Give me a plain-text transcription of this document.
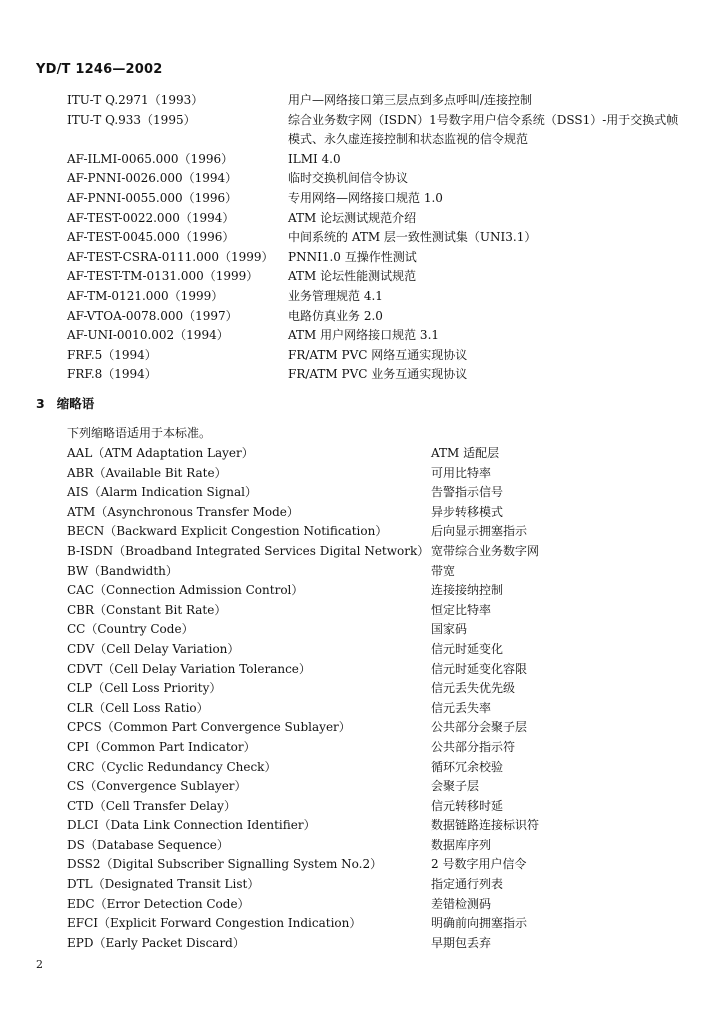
YD/T 1246—2002
ITU-T Q.2971（1993）	用户—网络接口第三层点到多点呼叫/连接控制
ITU-T Q.933（1995）	综合业务数字网（ISDN）1号数字用户信令系统（DSS1）-用于交换式帧模式、永久虚连接控制和状态监视的信令规范
AF-ILMI-0065.000（1996）	ILMI 4.0
AF-PNNI-0026.000（1994）	临时交换机间信令协议
AF-PNNI-0055.000（1996）	专用网络—网络接口规范 1.0
AF-TEST-0022.000（1994）	ATM 论坛测试规范介绍
AF-TEST-0045.000（1996）	中间系统的 ATM 层一致性测试集（UNI3.1）
AF-TEST-CSRA-0111.000（1999） PNNI1.0 互操作性测试
AF-TEST-TM-0131.000（1999） ATM 论坛性能测试规范
AF-TM-0121.000（1999）	业务管理规范 4.1
AF-VTOA-0078.000（1997）	电路仿真业务 2.0
AF-UNI-0010.002（1994）	ATM 用户网络接口规范 3.1
FRF.5（1994）	FR/ATM PVC 网络互通实现协议
FRF.8（1994）	FR/ATM PVC 业务互通实现协议
3 缩略语
下列缩略语适用于本标准。
AAL（ATM Adaptation Layer）	ATM 适配层
ABR（Available Bit Rate）	可用比特率
AIS（Alarm Indication Signal）	告警指示信号
ATM（Asynchronous Transfer Mode）	异步转移模式
BECN（Backward Explicit Congestion Notification）	后向显示拥塞指示
B-ISDN（Broadband Integrated Services Digital Network） 宽带综合业务数字网
BW（Bandwidth）	带宽
CAC（Connection Admission Control）	连接接纳控制
CBR（Constant Bit Rate）	恒定比特率
CC（Country Code）	国家码
CDV（Cell Delay Variation）	信元时延变化
CDVT（Cell Delay Variation Tolerance）	信元时延变化容限
CLP（Cell Loss Priority）	信元丢失优先级
CLR（Cell Loss Ratio）	信元丢失率
CPCS（Common Part Convergence Sublayer）	公共部分会聚子层
CPI（Common Part Indicator）	公共部分指示符
CRC（Cyclic Redundancy Check）	循环冗余校验
CS（Convergence Sublayer）	会聚子层
CTD（Cell Transfer Delay）	信元转移时延
DLCI（Data Link Connection Identifier）	数据链路连接标识符
DS（Database Sequence）	数据库序列
DSS2（Digital Subscriber Signalling System No.2）	2 号数字用户信令
DTL（Designated Transit List）	指定通行列表
EDC（Error Detection Code）	差错检测码
EFCI（Explicit Forward Congestion Indication）	明确前向拥塞指示
EPD（Early Packet Discard）	早期包丢弃
2
